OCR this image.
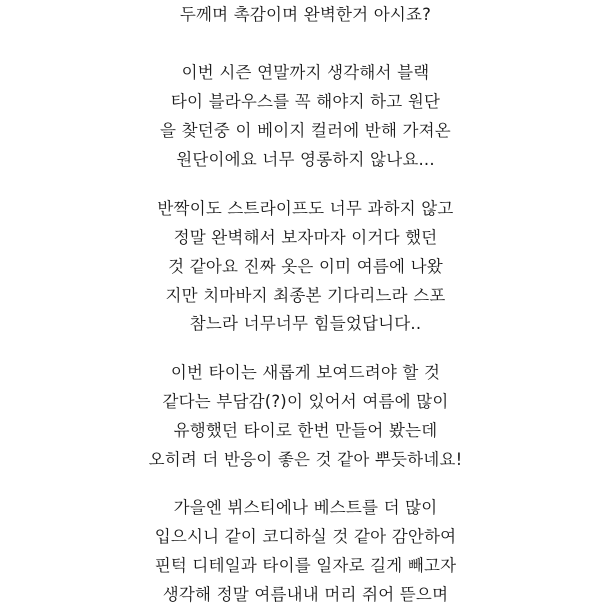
두께며 촉감이며 완벽한거 아시죠?
이번 시즌 연말까지 생각해서 블랙
타이 블라우스를 꼭 해야지 하고 원단
을 찾던중 이 베이지 컬러에 반해 가져온
원단이에요 너무 영롱하지 않나요...
반짝이도 스트라이프도 너무 과하지 않고
정말 완벽해서 보자마자 이거다 했던
것 같아요 진짜 옷은 이미 여름에 나왔
지만 치마바지 최종본 기다리느라 스포
참느라 너무너무 힘들었답니다..
이번 타이는 새롭게 보여드려야 할 것
같다는 부담감(?)이 있어서 여름에 많이
유행했던 타이로 한번 만들어 봤는데
오히려 더 반응이 좋은 것 같아 뿌듯하네요!
가을엔 뷔스티에나 베스트를 더 많이
입으시니 같이 코디하실 것 같아 감안하여
핀턱 디테일과 타이를 일자로 길게 빼고자
생각해 정말 여름내내 머리 쥐어 뜯으며
